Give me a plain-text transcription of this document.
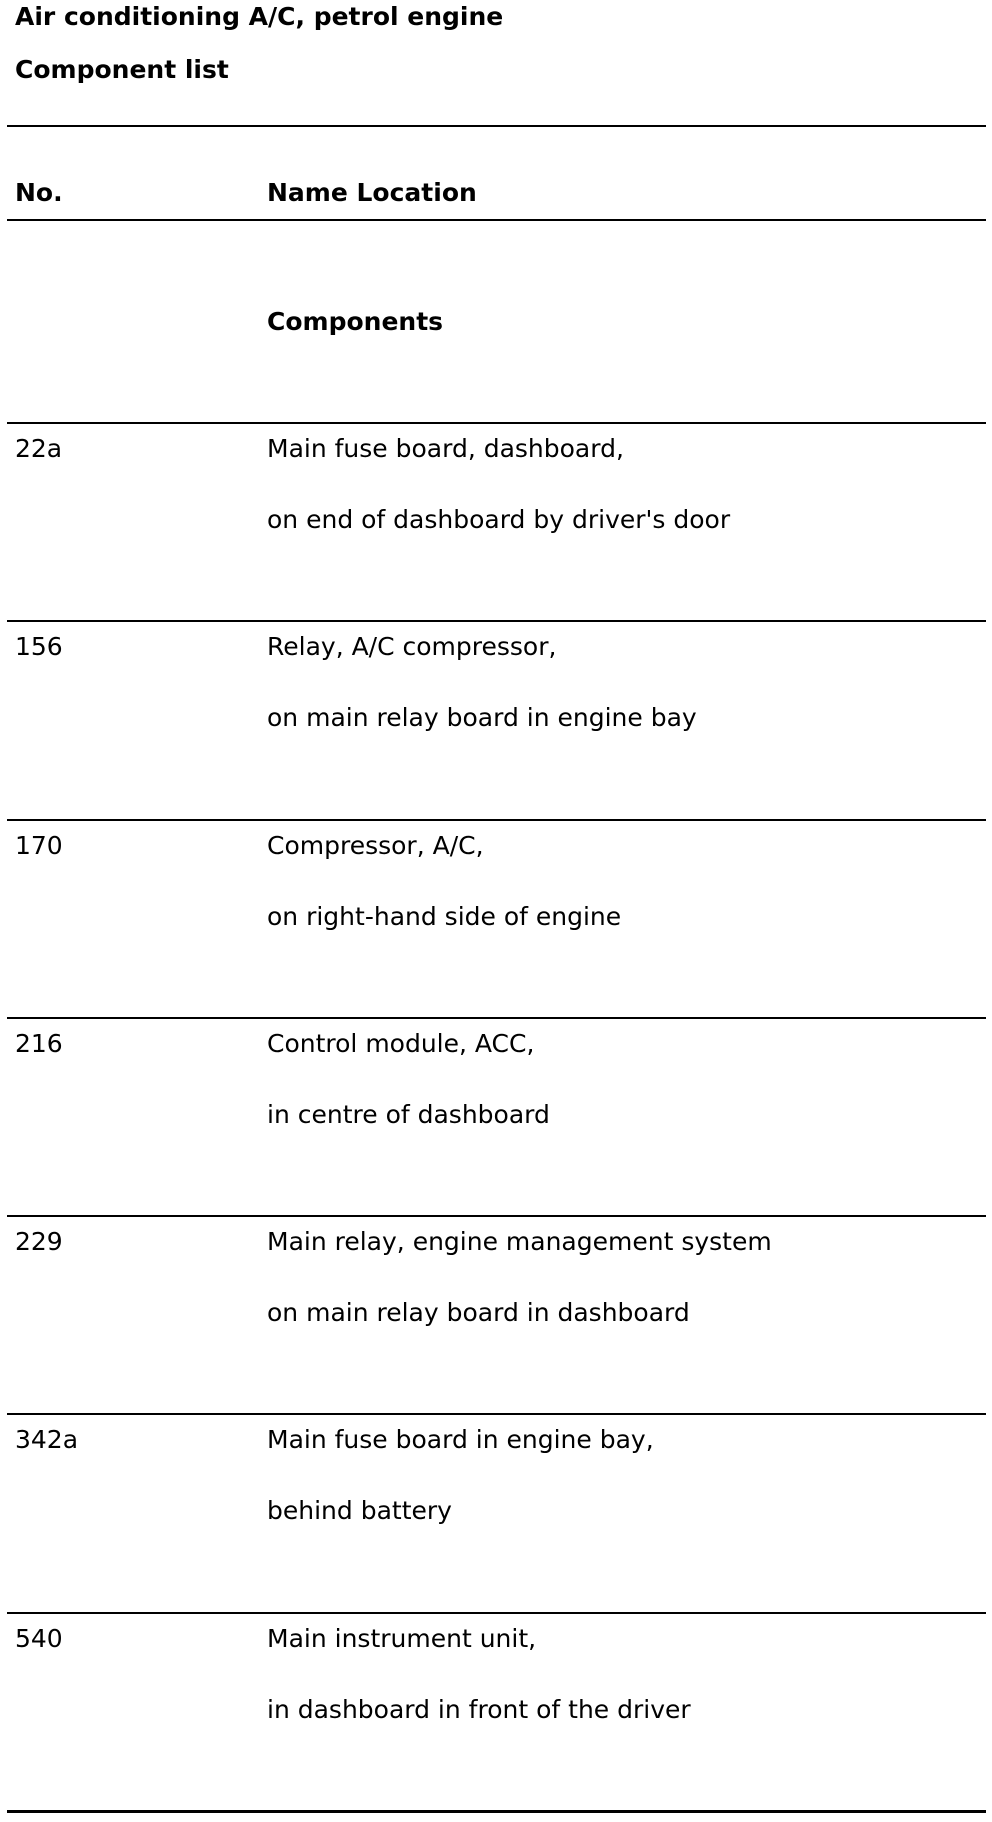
Air conditioning A/C, petrol engine
Component list
No.	Name Location
Components
22a	Main fuse board, dashboard,
on end of dashboard by driver's door
156	Relay, A/C compressor,
on main relay board in engine bay
170	Compressor, A/C,
on right-hand side of engine
216	Control module, ACC,
in centre of dashboard
229	Main relay, engine management system
on main relay board in dashboard
342a	Main fuse board in engine bay,
behind battery
540	Main instrument unit,
in dashboard in front of the driver
